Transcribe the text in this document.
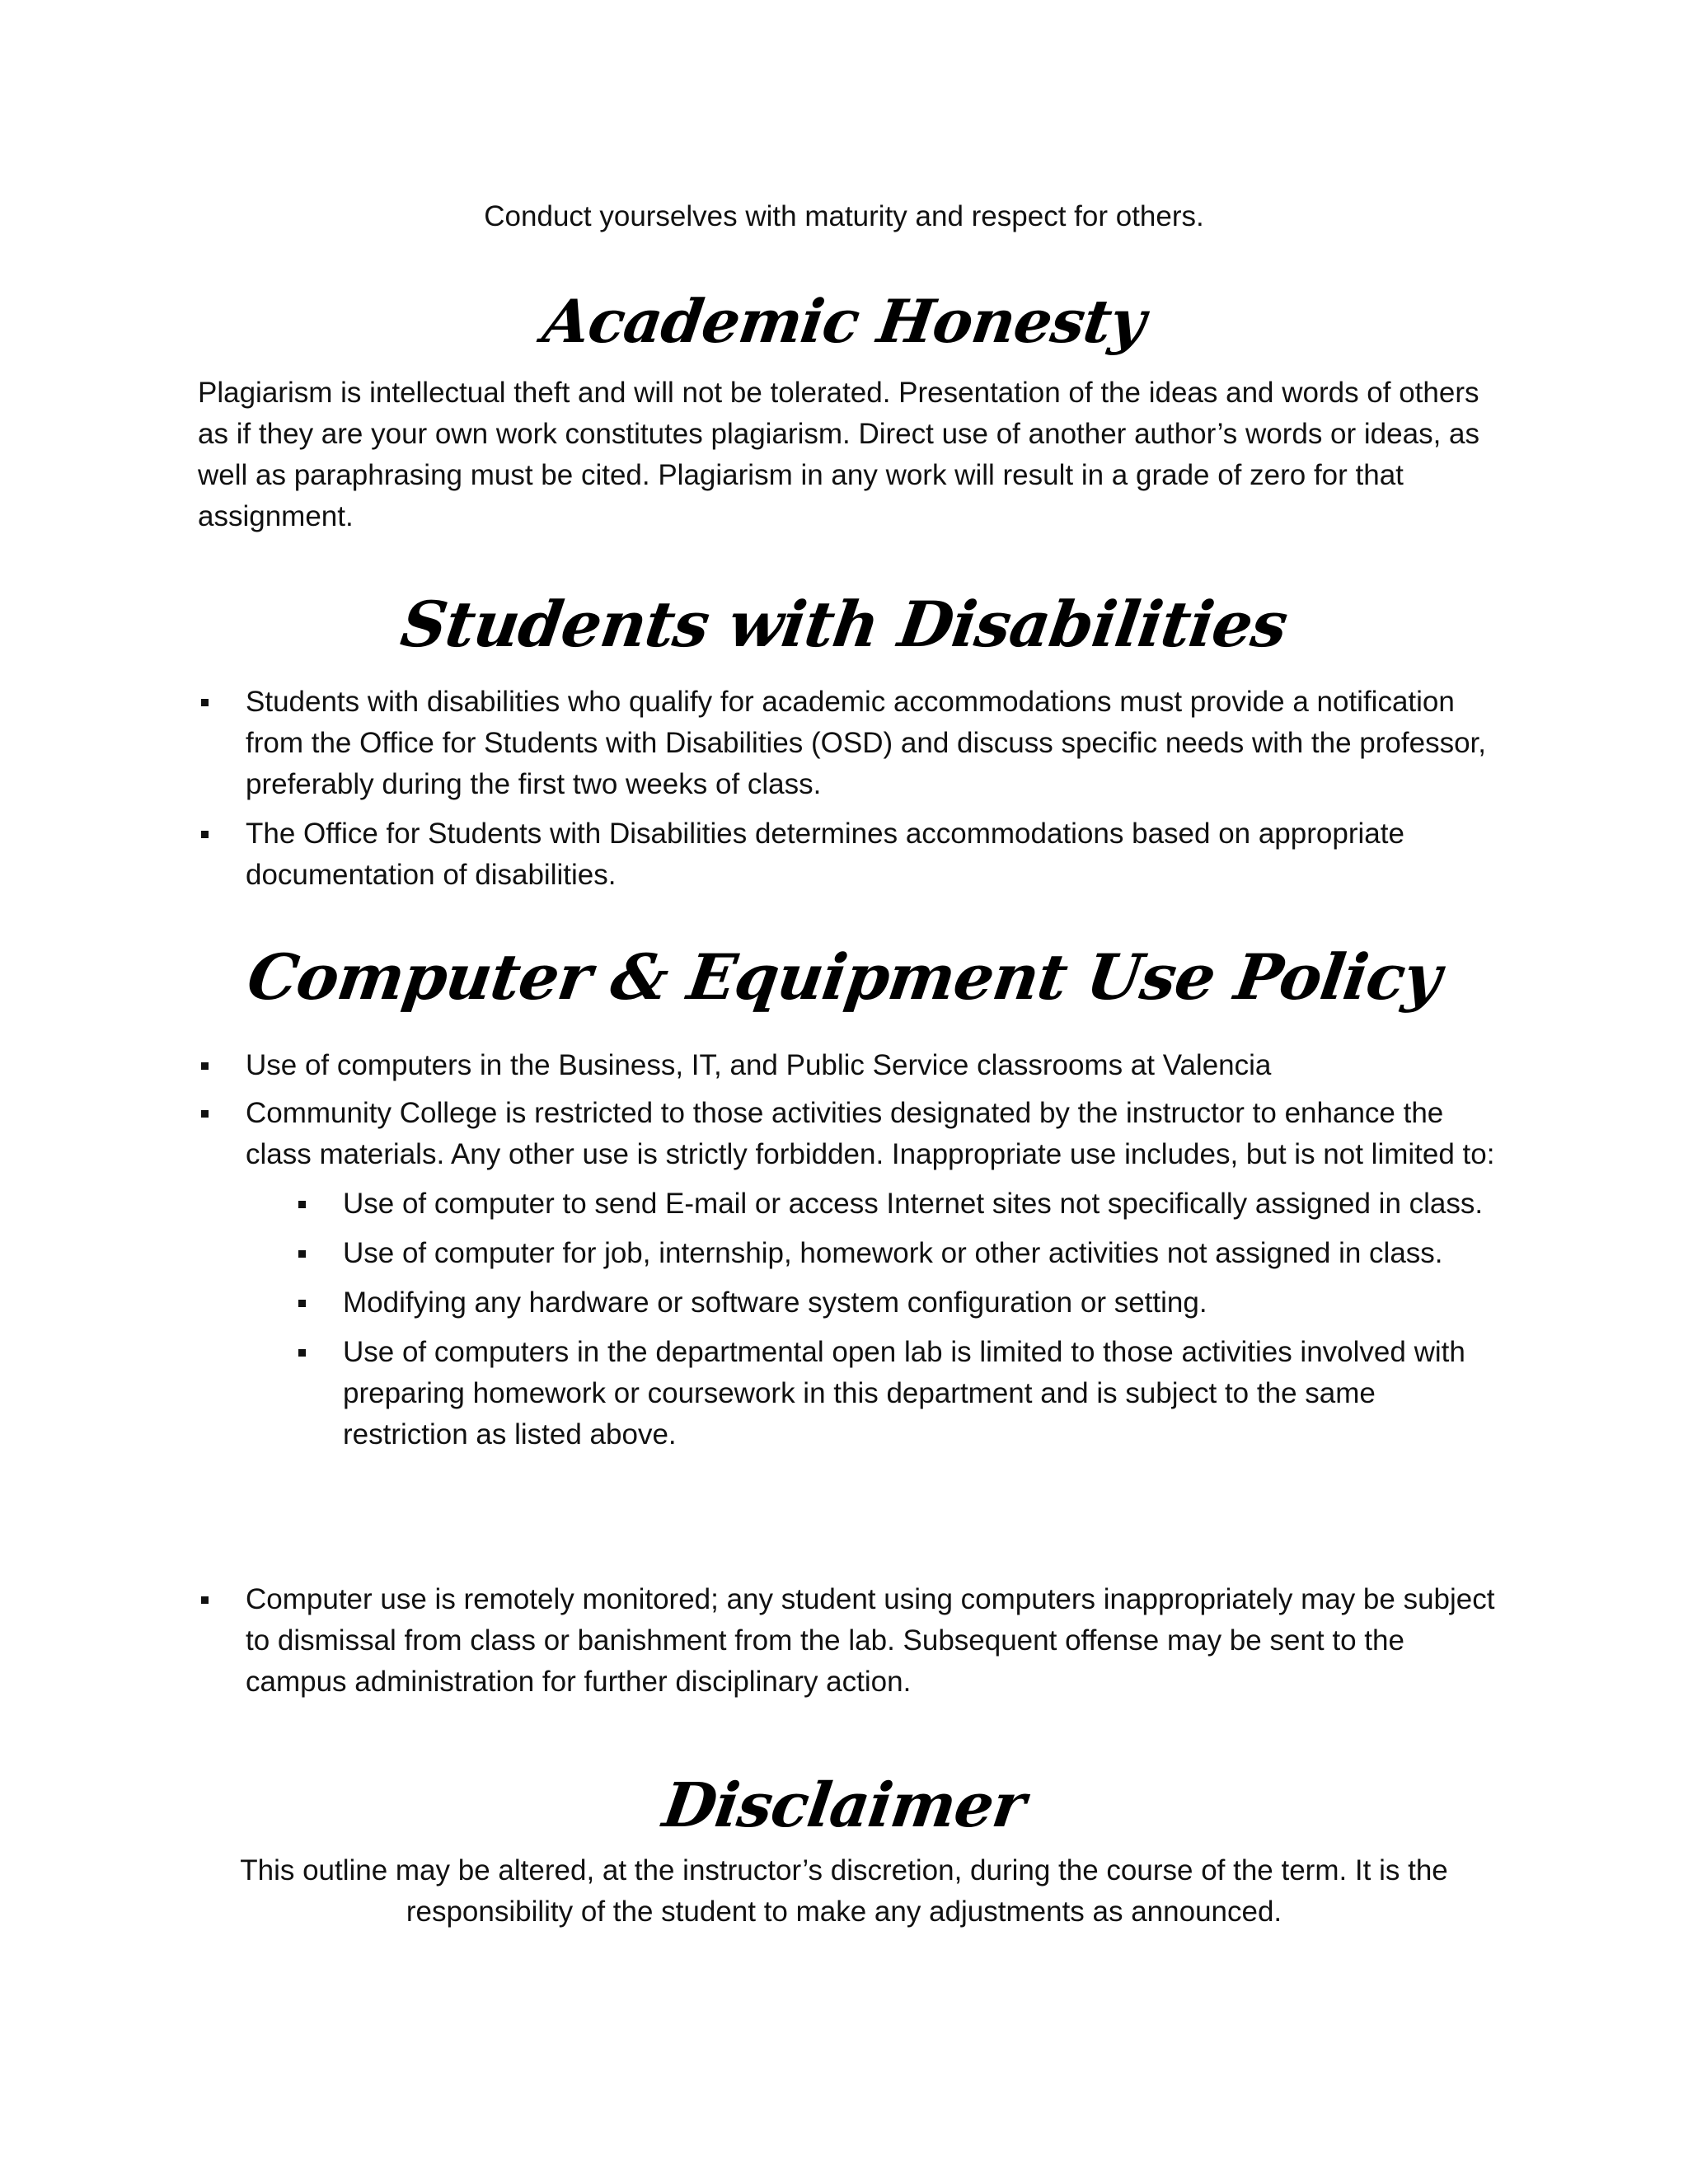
Conduct yourselves with maturity and respect for others.
Academic Honesty
Plagiarism is intellectual theft and will not be tolerated. Presentation of the ideas and words of others as if they are your own work constitutes plagiarism. Direct use of another author’s words or ideas, as well as paraphrasing must be cited. Plagiarism in any work will result in a grade of zero for that assignment.
Students with Disabilities
Students with disabilities who qualify for academic accommodations must provide a notification from the Office for Students with Disabilities (OSD) and discuss specific needs with the professor, preferably during the first two weeks of class.
The Office for Students with Disabilities determines accommodations based on appropriate documentation of disabilities.
Computer & Equipment Use Policy
Use of computers in the Business, IT, and Public Service classrooms at Valencia
Community College is restricted to those activities designated by the instructor to enhance the class materials. Any other use is strictly forbidden. Inappropriate use includes, but is not limited to:
Use of computer to send E-mail or access Internet sites not specifically assigned in class.
Use of computer for job, internship, homework or other activities not assigned in class.
Modifying any hardware or software system configuration or setting.
Use of computers in the departmental open lab is limited to those activities involved with preparing homework or coursework in this department and is subject to the same restriction as listed above.
Computer use is remotely monitored; any student using computers inappropriately may be subject to dismissal from class or banishment from the lab. Subsequent offense may be sent to the campus administration for further disciplinary action.
Disclaimer
This outline may be altered, at the instructor’s discretion, during the course of the term. It is the responsibility of the student to make any adjustments as announced.
